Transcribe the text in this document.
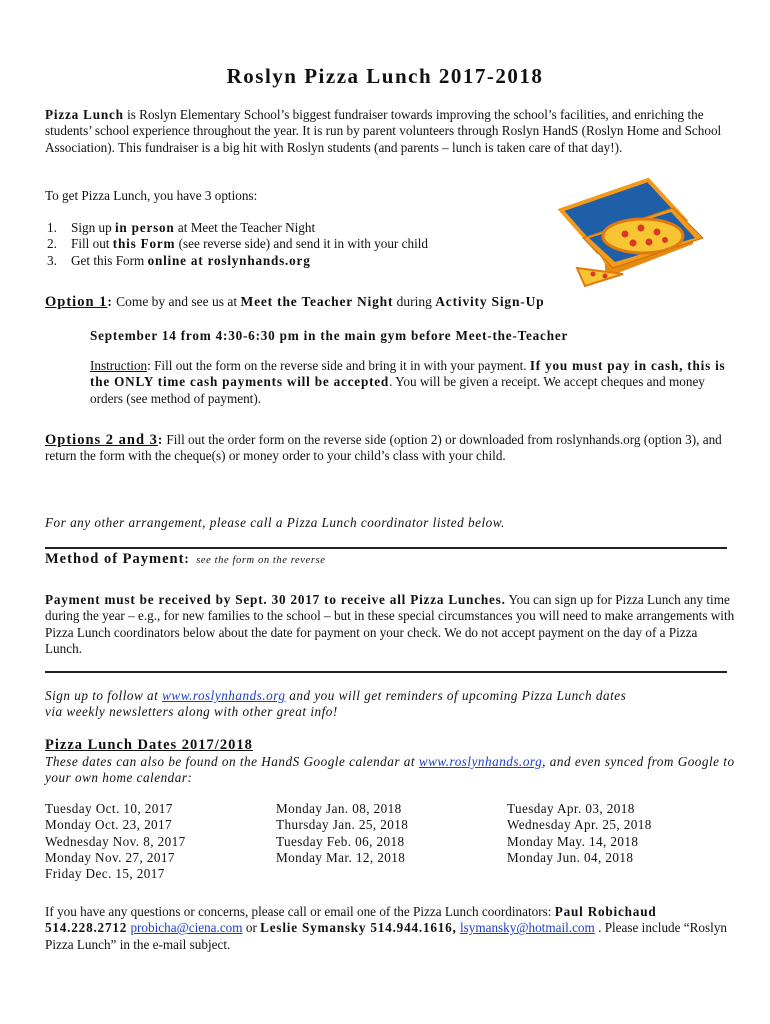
Roslyn Pizza Lunch 2017-2018

Pizza Lunch is Roslyn Elementary School’s biggest fundraiser towards improving the school’s facilities, and enriching the students’ school experience throughout the year. It is run by parent volunteers through Roslyn HandS (Roslyn Home and School Association). This fundraiser is a big hit with Roslyn students (and parents – lunch is taken care of that day!).

To get Pizza Lunch, you have 3 options:

1. Sign up in person at Meet the Teacher Night
2. Fill out this Form (see reverse side) and send it in with your child
3. Get this Form online at roslynhands.org

Option 1: Come by and see us at Meet the Teacher Night during Activity Sign-Up

September 14 from 4:30-6:30 pm in the main gym before Meet-the-Teacher

Instruction: Fill out the form on the reverse side and bring it in with your payment. If you must pay in cash, this is the ONLY time cash payments will be accepted. You will be given a receipt. We accept cheques and money orders (see method of payment).

Options 2 and 3: Fill out the order form on the reverse side (option 2) or downloaded from roslynhands.org (option 3), and return the form with the cheque(s) or money order to your child’s class with your child.

For any other arrangement, please call a Pizza Lunch coordinator listed below.

Method of Payment: see the form on the reverse

Payment must be received by Sept. 30 2017 to receive all Pizza Lunches. You can sign up for Pizza Lunch any time during the year – e.g., for new families to the school – but in these special circumstances you will need to make arrangements with Pizza Lunch coordinators below about the date for payment on your check. We do not accept payment on the day of a Pizza Lunch.

Sign up to follow at www.roslynhands.org and you will get reminders of upcoming Pizza Lunch dates
via weekly newsletters along with other great info!

Pizza Lunch Dates 2017/2018

These dates can also be found on the HandS Google calendar at www.roslynhands.org, and even synced from Google to your own home calendar:

Tuesday Oct. 10, 2017
Monday Oct. 23, 2017
Wednesday Nov. 8, 2017
Monday Nov. 27, 2017
Friday Dec. 15, 2017
Monday Jan. 08, 2018
Thursday Jan. 25, 2018
Tuesday Feb. 06, 2018
Monday Mar. 12, 2018
Tuesday Apr. 03, 2018
Wednesday Apr. 25, 2018
Monday May. 14, 2018
Monday Jun. 04, 2018

If you have any questions or concerns, please call or email one of the Pizza Lunch coordinators: Paul Robichaud 514.228.2712 probicha@ciena.com or Leslie Symansky 514.944.1616, lsymansky@hotmail.com . Please include “Roslyn Pizza Lunch” in the e-mail subject.
